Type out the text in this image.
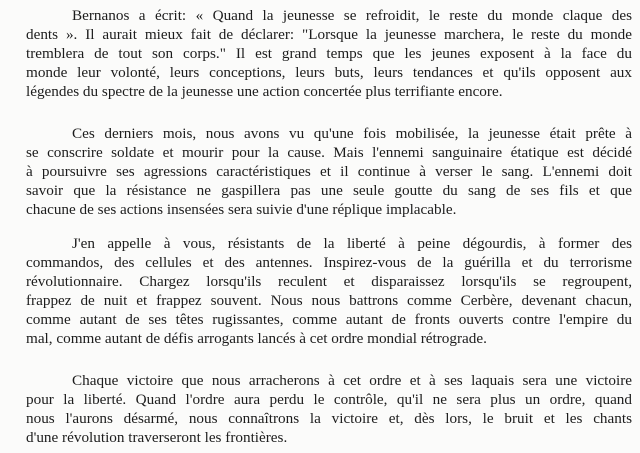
Bernanos a écrit: « Quand la jeunesse se refroidit, le reste du monde claque des
dents ». Il aurait mieux fait de déclarer: "Lorsque la jeunesse marchera, le reste du monde
tremblera de tout son corps." Il est grand temps que les jeunes exposent à la face du
monde leur volonté, leurs conceptions, leurs buts, leurs tendances et qu'ils opposent aux
légendes du spectre de la jeunesse une action concertée plus terrifiante encore.
Ces derniers mois, nous avons vu qu'une fois mobilisée, la jeunesse était prête à
se conscrire soldate et mourir pour la cause. Mais l'ennemi sanguinaire étatique est décidé
à poursuivre ses agressions caractéristiques et il continue à verser le sang. L'ennemi doit
savoir que la résistance ne gaspillera pas une seule goutte du sang de ses fils et que
chacune de ses actions insensées sera suivie d'une réplique implacable.
J'en appelle à vous, résistants de la liberté à peine dégourdis, à former des
commandos, des cellules et des antennes. Inspirez-vous de la guérilla et du terrorisme
révolutionnaire. Chargez lorsqu'ils reculent et disparaissez lorsqu'ils se regroupent,
frappez de nuit et frappez souvent. Nous nous battrons comme Cerbère, devenant chacun,
comme autant de ses têtes rugissantes, comme autant de fronts ouverts contre l'empire du
mal, comme autant de défis arrogants lancés à cet ordre mondial rétrograde.
Chaque victoire que nous arracherons à cet ordre et à ses laquais sera une victoire
pour la liberté. Quand l'ordre aura perdu le contrôle, qu'il ne sera plus un ordre, quand
nous l'aurons désarmé, nous connaîtrons la victoire et, dès lors, le bruit et les chants
d'une révolution traverseront les frontières.
